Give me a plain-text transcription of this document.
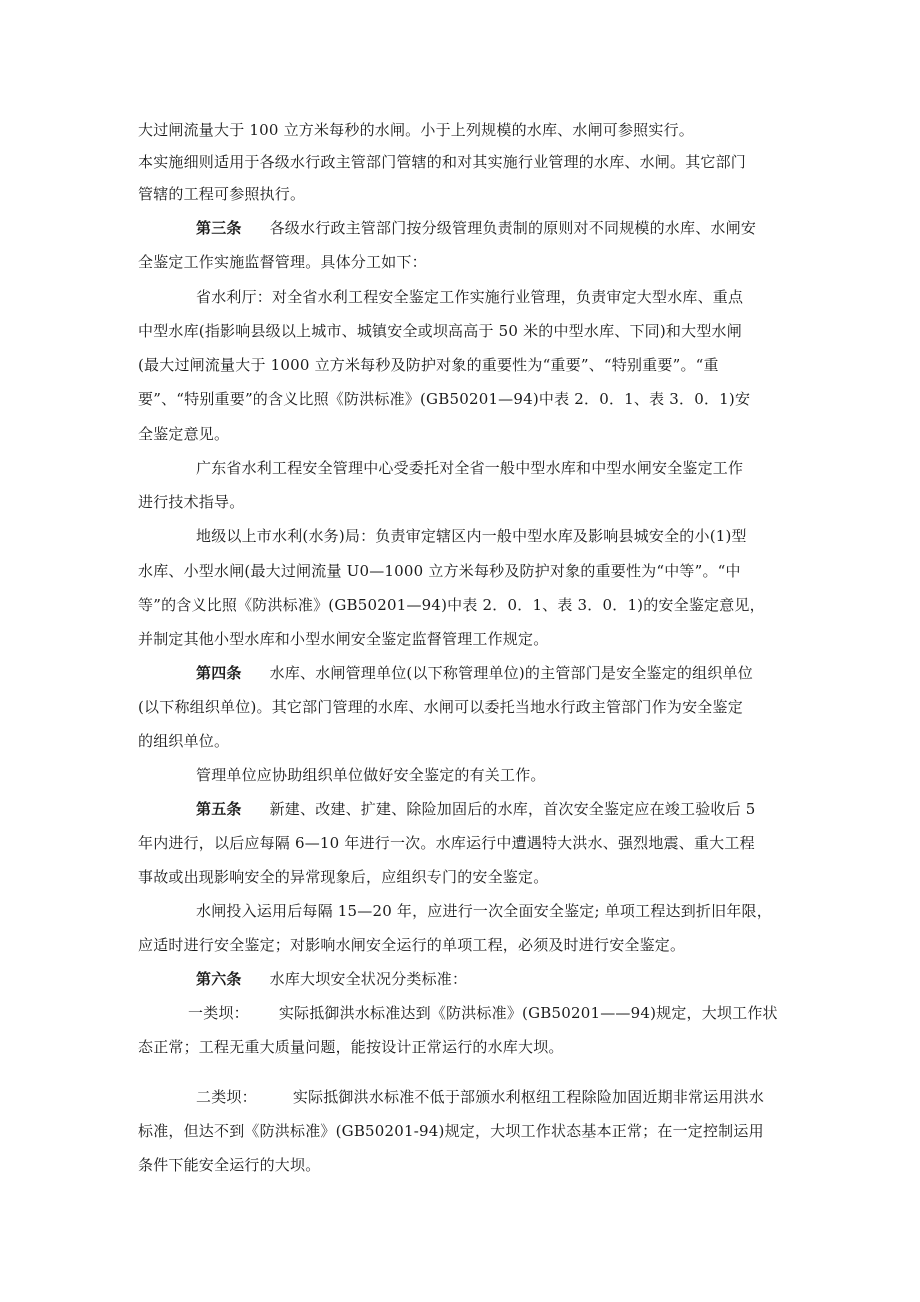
大过闸流量大于 100 立方米每秒的水闸。小于上列规模的水库、水闸可参照实行。
本实施细则适用于各级水行政主管部门管辖的和对其实施行业管理的水库、水闸。其它部门
管辖的工程可参照执行。
第三条 各级水行政主管部门按分级管理负责制的原则对不同规模的水库、水闸安
全鉴定工作实施监督管理。具体分工如下：
省水利厅：对全省水利工程安全鉴定工作实施行业管理，负责审定大型水库、重点
中型水库(指影响县级以上城市、城镇安全或坝高高于 50 米的中型水库、下同)和大型水闸
(最大过闸流量大于 1000 立方米每秒及防护对象的重要性为“重要”、“特别重要”。“重
要”、“特别重要”的含义比照《防洪标准》(GB50201—94)中表 2．0．1、表 3．0．1)安
全鉴定意见。
广东省水利工程安全管理中心受委托对全省一般中型水库和中型水闸安全鉴定工作
进行技术指导。
地级以上市水利(水务)局：负责审定辖区内一般中型水库及影响县城安全的小(1)型
水库、小型水闸(最大过闸流量 U0—1000 立方米每秒及防护对象的重要性为“中等”。“中
等”的含义比照《防洪标准》(GB50201—94)中表 2．0．1、表 3．0．1)的安全鉴定意见，
并制定其他小型水库和小型水闸安全鉴定监督管理工作规定。
第四条 水库、水闸管理单位(以下称管理单位)的主管部门是安全鉴定的组织单位
(以下称组织单位)。其它部门管理的水库、水闸可以委托当地水行政主管部门作为安全鉴定
的组织单位。
管理单位应协助组织单位做好安全鉴定的有关工作。
第五条 新建、改建、扩建、除险加固后的水库，首次安全鉴定应在竣工验收后 5
年内进行，以后应每隔 6—10 年进行一次。水库运行中遭遇特大洪水、强烈地震、重大工程
事故或出现影响安全的异常现象后，应组织专门的安全鉴定。
水闸投入运用后每隔 15—20 年，应进行一次全面安全鉴定; 单项工程达到折旧年限，
应适时进行安全鉴定；对影响水闸安全运行的单项工程，必须及时进行安全鉴定。
第六条 水库大坝安全状况分类标准：
一类坝： 实际抵御洪水标准达到《防洪标准》(GB50201——94)规定，大坝工作状
态正常；工程无重大质量问题，能按设计正常运行的水库大坝。
二类坝： 实际抵御洪水标准不低于部颁水利枢纽工程除险加固近期非常运用洪水
标准，但达不到《防洪标准》(GB50201-94)规定，大坝工作状态基本正常；在一定控制运用
条件下能安全运行的大坝。
